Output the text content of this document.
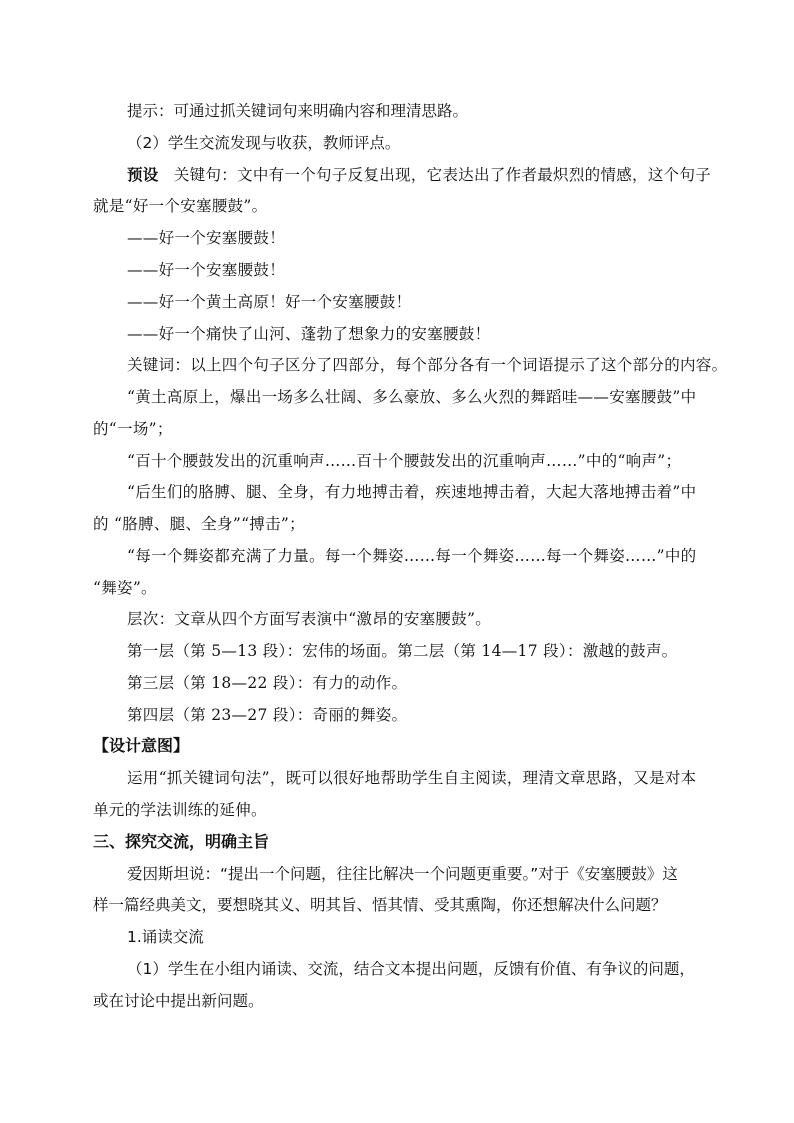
提示：可通过抓关键词句来明确内容和理清思路。
（2）学生交流发现与收获，教师评点。
预设 关键句：文中有一个句子反复出现，它表达出了作者最炽烈的情感，这个句子
就是“好一个安塞腰鼓”。
——好一个安塞腰鼓！
——好一个安塞腰鼓！
——好一个黄土高原！好一个安塞腰鼓！
——好一个痛快了山河、蓬勃了想象力的安塞腰鼓！
关键词：以上四个句子区分了四部分，每个部分各有一个词语提示了这个部分的内容。
“黄土高原上，爆出一场多么壮阔、多么豪放、多么火烈的舞蹈哇——安塞腰鼓”中
的“一场”；
“百十个腰鼓发出的沉重响声……百十个腰鼓发出的沉重响声……”中的“响声”；
“后生们的胳膊、腿、全身，有力地搏击着，疾速地搏击着，大起大落地搏击着”中
的 “胳膊、腿、全身”“搏击”；
“每一个舞姿都充满了力量。每一个舞姿……每一个舞姿……每一个舞姿……”中的
“舞姿”。
层次：文章从四个方面写表演中“激昂的安塞腰鼓”。
第一层（第 5—13 段）：宏伟的场面。第二层（第 14—17 段）：激越的鼓声。
第三层（第 18—22 段）：有力的动作。
第四层（第 23—27 段）：奇丽的舞姿。
【设计意图】
运用“抓关键词句法”，既可以很好地帮助学生自主阅读，理清文章思路，又是对本
单元的学法训练的延伸。
三、探究交流，明确主旨
爱因斯坦说：“提出一个问题，往往比解决一个问题更重要。”对于《安塞腰鼓》这
样一篇经典美文，要想晓其义、明其旨、悟其情、受其熏陶，你还想解决什么问题？
1.诵读交流
（1）学生在小组内诵读、交流，结合文本提出问题，反馈有价值、有争议的问题，
或在讨论中提出新问题。
